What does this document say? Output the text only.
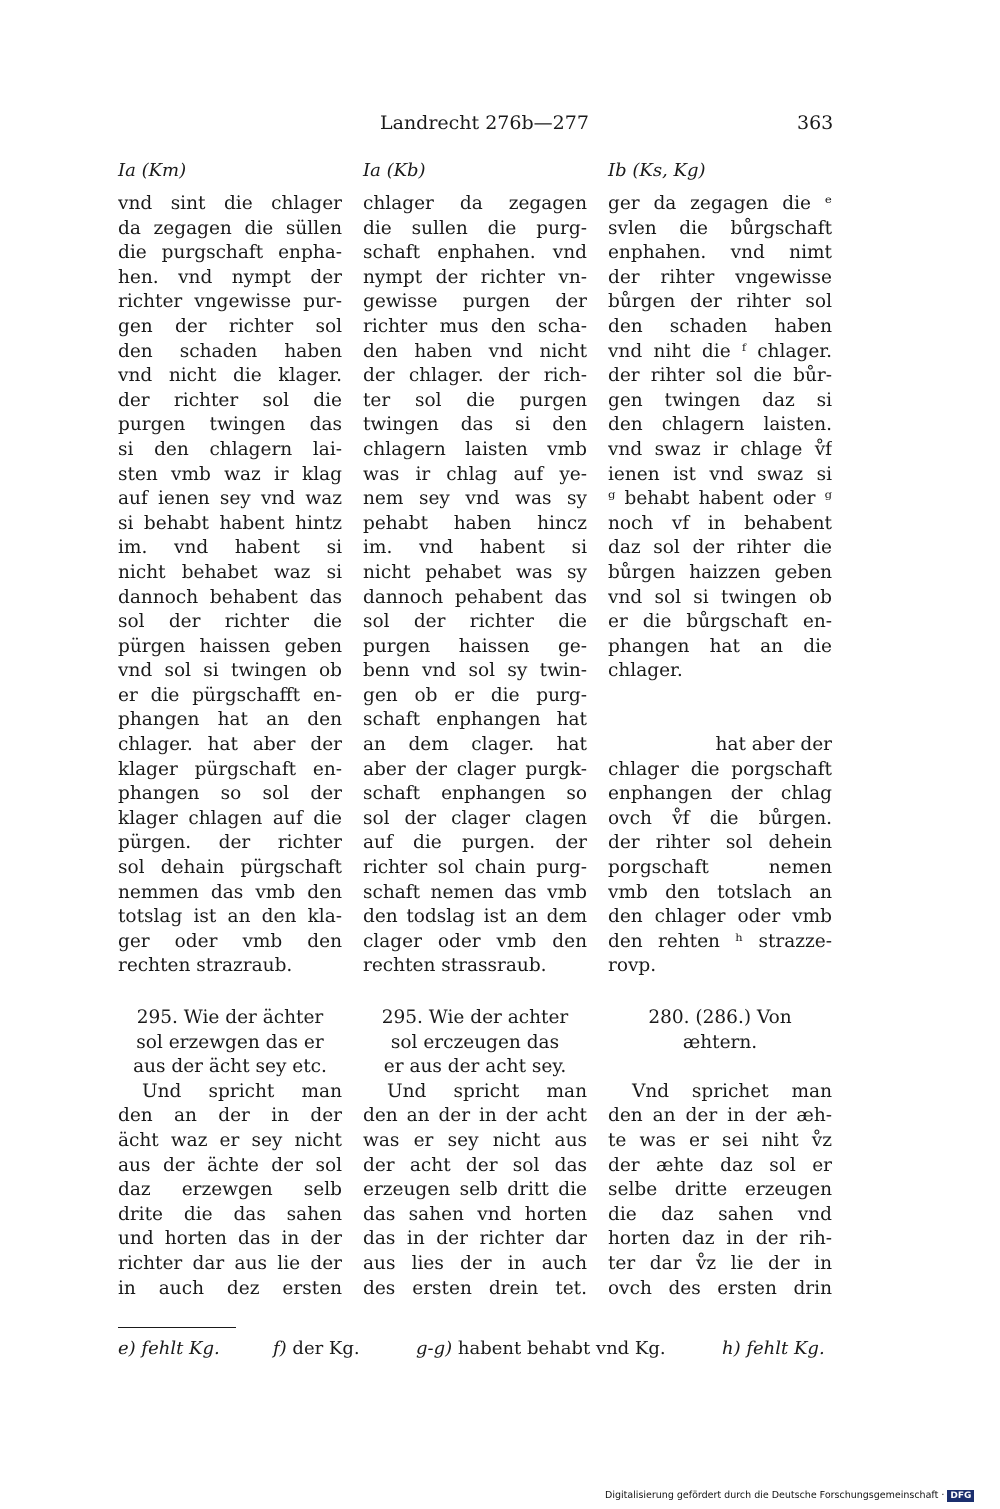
Landrecht 276b—277	363
Ia (Km)	Ia (Kb)	Ib (Ks, Kg)
vnd sint die chlager
da zegagen die süllen
die purgschaft enpha-
hen. vnd nympt der
richter vngewisse pur-
gen der richter sol
den schaden haben
vnd nicht die klager.
der richter sol die
purgen twingen das
si den chlagern lai-
sten vmb waz ir klag
auf ienen sey vnd waz
si behabt habent hintz
im. vnd habent si
nicht behabet waz si
dannoch behabent das
sol der richter die
pürgen haissen geben
vnd sol si twingen ob
er die pürgschafft en-
phangen hat an den
chlager. hat aber der
klager pürgschaft en-
phangen so sol der
klager chlagen auf die
pürgen. der richter
sol dehain pürgschaft
nemmen das vmb den
totslag ist an den kla-
ger oder vmb den
rechten strazraub.
295. Wie der ächter
sol erzewgen das er
aus der ächt sey etc.
Und spricht man
den an der in der
ächt waz er sey nicht
aus der ächte der sol
daz erzewgen selb
drite die das sahen
und horten das in der
richter dar aus lie der
in auch dez ersten
chlager da zegagen
die sullen die purg-
schaft enphahen. vnd
nympt der richter vn-
gewisse purgen der
richter mus den scha-
den haben vnd nicht
der chlager. der rich-
ter sol die purgen
twingen das si den
chlagern laisten vmb
was ir chlag auf ye-
nem sey vnd was sy
pehabt haben hincz
im. vnd habent si
nicht pehabet was sy
dannoch pehabent das
sol der richter die
purgen haissen ge-
benn vnd sol sy twin-
gen ob er die purg-
schaft enphangen hat
an dem clager. hat
aber der clager purgk-
schaft enphangen so
sol der clager clagen
auf die purgen. der
richter sol chain purg-
schaft nemen das vmb
den todslag ist an dem
clager oder vmb den
rechten strassraub.
295. Wie der achter
sol erczeugen das
er aus der acht sey.
Und spricht man
den an der in der acht
was er sey nicht aus
der acht der sol das
erzeugen selb dritt die
das sahen vnd horten
das in der richter dar
aus lies der in auch
des ersten drein tet.
ger da zegagen die ᵉ
svlen die bůrgschaft
enphahen. vnd nimt
der rihter vngewisse
bůrgen der rihter sol
den schaden haben
vnd niht die ᶠ chlager.
der rihter sol die bůr-
gen twingen daz si
den chlagern laisten.
vnd swaz ir chlage v̊f
ienen ist vnd swaz si
ᵍ behabt habent oder ᵍ
noch vf in behabent
daz sol der rihter die
bůrgen haizzen geben
vnd sol si twingen ob
er die bůrgschaft en-
phangen hat an die
chlager.
hat aber der
chlager die porgschaft
enphangen der chlag
ovch v̊f die bůrgen.
der rihter sol dehein
porgschaft nemen
vmb den totslach an
den chlager oder vmb
den rehten ʰ strazze-
rovp.
280. (286.) Von
æhtern.
Vnd sprichet man
den an der in der æh-
te was er sei niht v̊z
der æhte daz sol er
selbe dritte erzeugen
die daz sahen vnd
horten daz in der rih-
ter dar v̊z lie der in
ovch des ersten drin
e) fehlt Kg.	f) der Kg.	g-g) habent behabt vnd Kg.	h) fehlt Kg.
Digitalisierung gefördert durch die Deutsche Forschungsgemeinschaft · DFG
